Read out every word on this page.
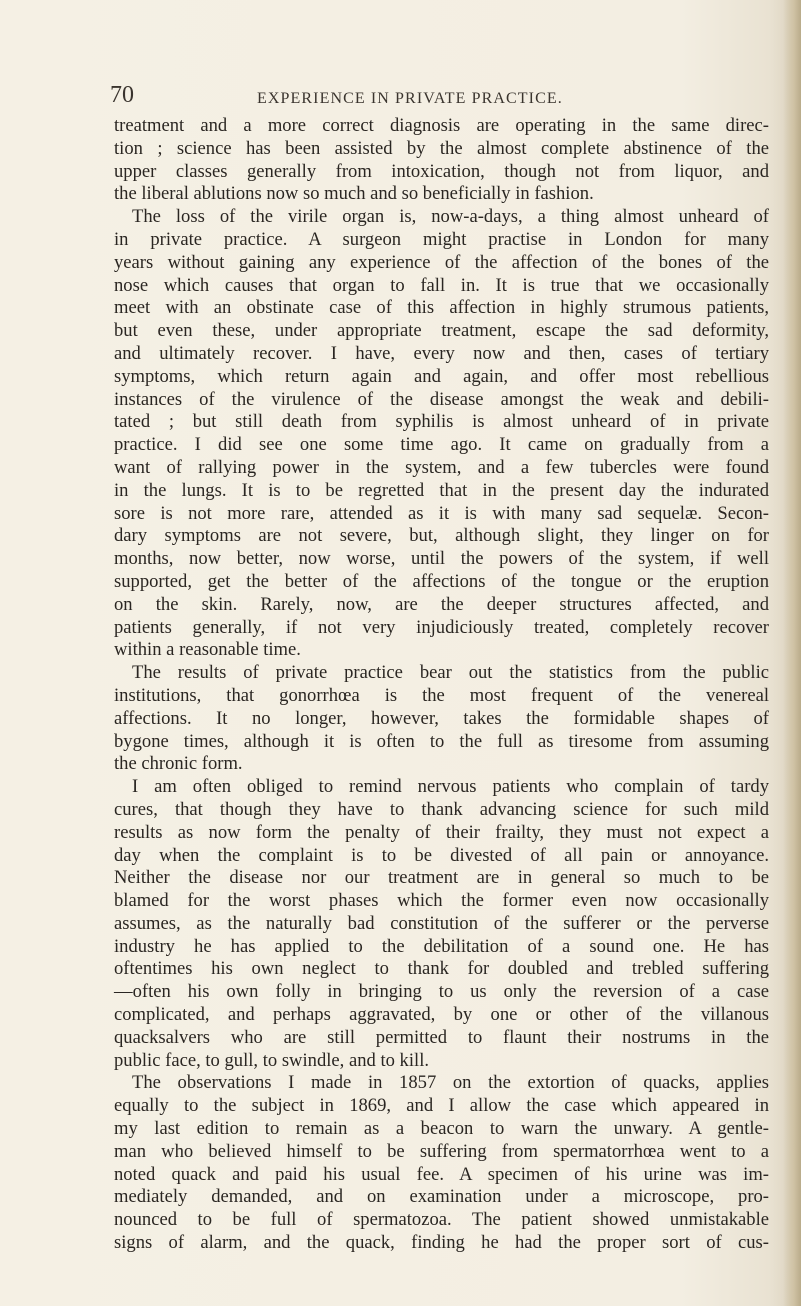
70	EXPERIENCE IN PRIVATE PRACTICE.
treatment and a more correct diagnosis are operating in the same direc-
tion ; science has been assisted by the almost complete abstinence of the
upper classes generally from intoxication, though not from liquor, and
the liberal ablutions now so much and so beneficially in fashion.
The loss of the virile organ is, now-a-days, a thing almost unheard of
in private practice. A surgeon might practise in London for many
years without gaining any experience of the affection of the bones of the
nose which causes that organ to fall in. It is true that we occasionally
meet with an obstinate case of this affection in highly strumous patients,
but even these, under appropriate treatment, escape the sad deformity,
and ultimately recover. I have, every now and then, cases of tertiary
symptoms, which return again and again, and offer most rebellious
instances of the virulence of the disease amongst the weak and debili-
tated ; but still death from syphilis is almost unheard of in private
practice. I did see one some time ago. It came on gradually from a
want of rallying power in the system, and a few tubercles were found
in the lungs. It is to be regretted that in the present day the indurated
sore is not more rare, attended as it is with many sad sequelæ. Secon-
dary symptoms are not severe, but, although slight, they linger on for
months, now better, now worse, until the powers of the system, if well
supported, get the better of the affections of the tongue or the eruption
on the skin. Rarely, now, are the deeper structures affected, and
patients generally, if not very injudiciously treated, completely recover
within a reasonable time.
The results of private practice bear out the statistics from the public
institutions, that gonorrhœa is the most frequent of the venereal
affections. It no longer, however, takes the formidable shapes of
bygone times, although it is often to the full as tiresome from assuming
the chronic form.
I am often obliged to remind nervous patients who complain of tardy
cures, that though they have to thank advancing science for such mild
results as now form the penalty of their frailty, they must not expect a
day when the complaint is to be divested of all pain or annoyance.
Neither the disease nor our treatment are in general so much to be
blamed for the worst phases which the former even now occasionally
assumes, as the naturally bad constitution of the sufferer or the perverse
industry he has applied to the debilitation of a sound one. He has
oftentimes his own neglect to thank for doubled and trebled suffering
—often his own folly in bringing to us only the reversion of a case
complicated, and perhaps aggravated, by one or other of the villanous
quacksalvers who are still permitted to flaunt their nostrums in the
public face, to gull, to swindle, and to kill.
The observations I made in 1857 on the extortion of quacks, applies
equally to the subject in 1869, and I allow the case which appeared in
my last edition to remain as a beacon to warn the unwary. A gentle-
man who believed himself to be suffering from spermatorrhœa went to a
noted quack and paid his usual fee. A specimen of his urine was im-
mediately demanded, and on examination under a microscope, pro-
nounced to be full of spermatozoa. The patient showed unmistakable
signs of alarm, and the quack, finding he had the proper sort of cus-
